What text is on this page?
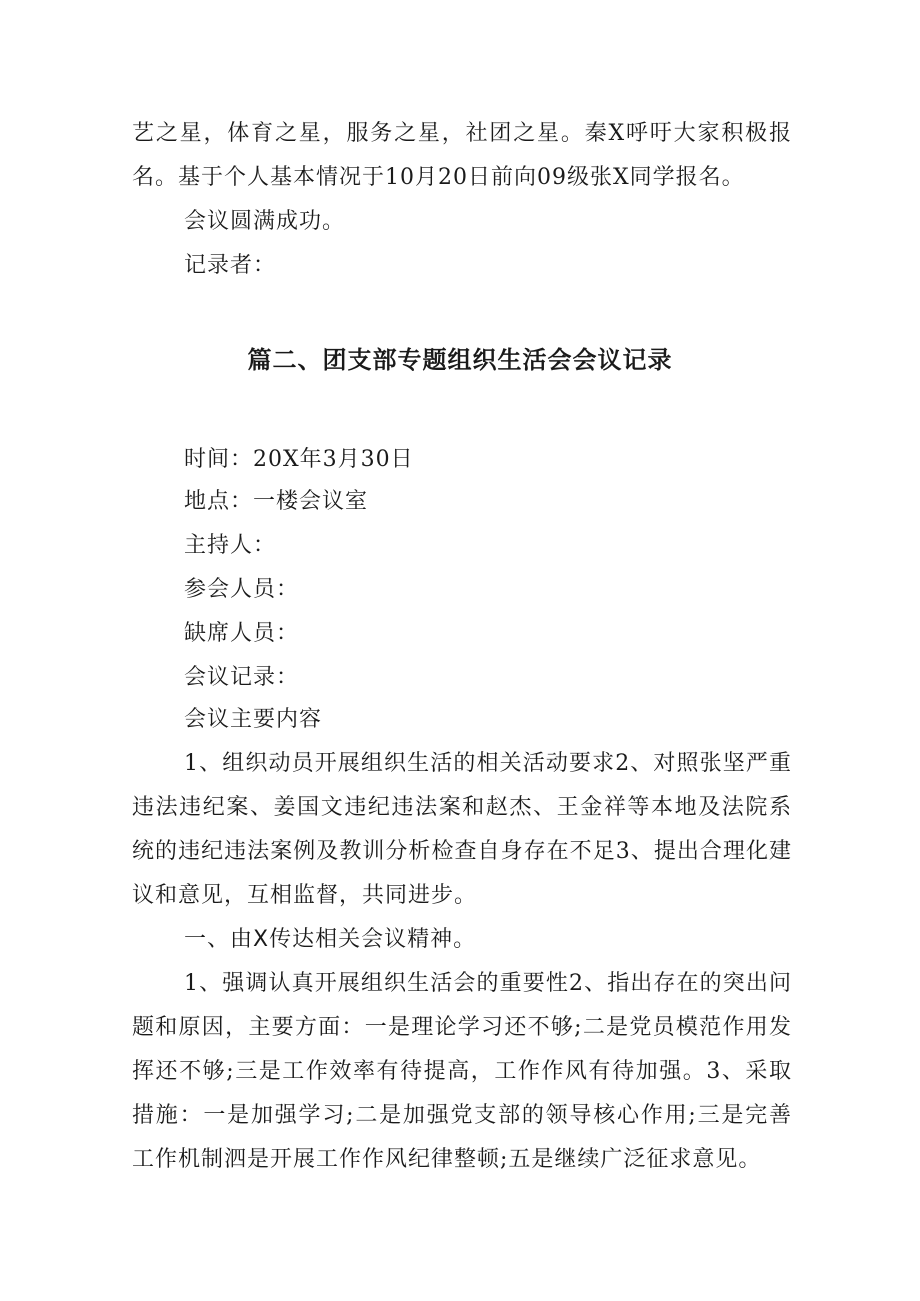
艺之星，体育之星，服务之星，社团之星。秦X呼吁大家积极报名。基于个人基本情况于10月20日前向09级张X同学报名。

会议圆满成功。

记录者：

篇二、团支部专题组织生活会会议记录

时间：20X年3月30日

地点：一楼会议室

主持人：

参会人员：

缺席人员：

会议记录：

会议主要内容

1、组织动员开展组织生活的相关活动要求2、对照张坚严重违法违纪案、姜国文违纪违法案和赵杰、王金祥等本地及法院系统的违纪违法案例及教训分析检查自身存在不足3、提出合理化建议和意见，互相监督，共同进步。

一、由X传达相关会议精神。

1、强调认真开展组织生活会的重要性2、指出存在的突出问题和原因，主要方面：一是理论学习还不够;二是党员模范作用发挥还不够;三是工作效率有待提高，工作作风有待加强。3、采取措施：一是加强学习;二是加强党支部的领导核心作用;三是完善工作机制泗是开展工作作风纪律整顿;五是继续广泛征求意见。
